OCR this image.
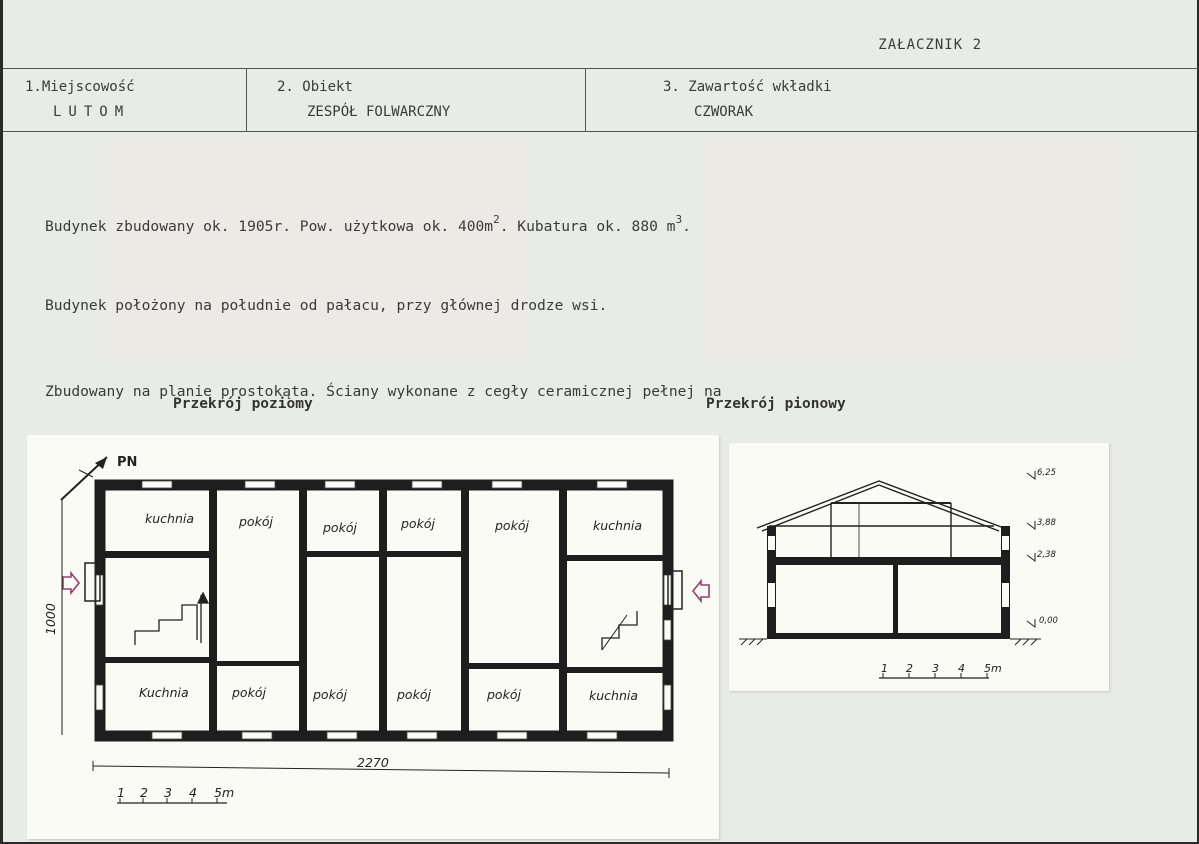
ZAŁACZNIK 2
1.Miejscowość
LUTOM
2. Obiekt
ZESPÓŁ FOLWARCZNY
3. Zawartość wkładki
CZWORAK

Budynek zbudowany ok. 1905r. Pow. użytkowa ok. $400m^2$. Kubatura ok. 880 $m^3$.

Budynek położony na południe od pałacu, przy głównej drodze wsi.

Zbudowany na planie prostokąta. Ściany wykonane z cegły ceramicznej pełnej na

Przekrój poziomy	Przekrój pionowy
PN
kuchnia	pokój	pokój	pokój	pokój	kuchnia
Kuchnia	pokój	pokój	pokój	pokój	kuchnia
1000
2270
1 2 3 4 5m
6,25
3,88
2,38
0,00
1 2 3 4 5m
